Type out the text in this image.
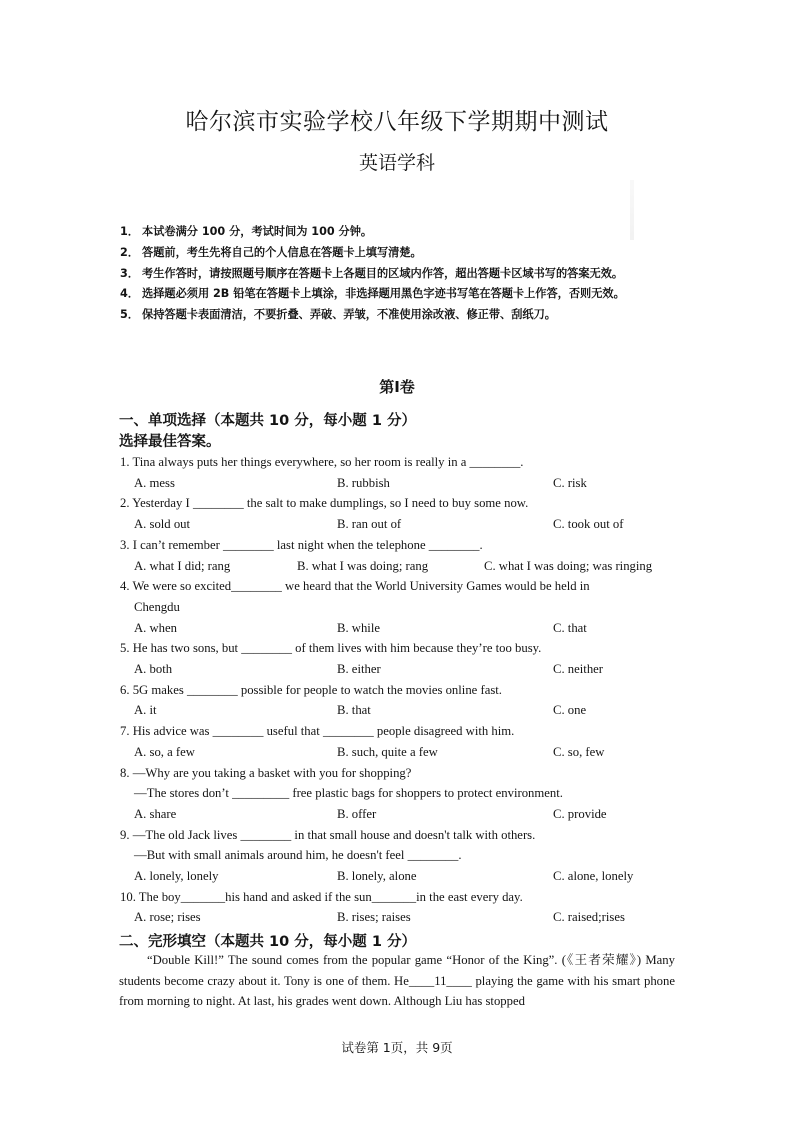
哈尔滨市实验学校八年级下学期期中测试
英语学科
1． 本试卷满分 100 分，考试时间为 100 分钟。
2． 答题前，考生先将自己的个人信息在答题卡上填写清楚。
3． 考生作答时，请按照题号顺序在答题卡上各题目的区域内作答，超出答题卡区域书写的答案无效。
4． 选择题必须用 2B 铅笔在答题卡上填涂，非选择题用黑色字迹书写笔在答题卡上作答，否则无效。
5． 保持答题卡表面清洁，不要折叠、弄破、弄皱，不准使用涂改液、修正带、刮纸刀。
第Ⅰ卷
一、单项选择（本题共 10 分，每小题 1 分）
选择最佳答案。
1. Tina always puts her things everywhere, so her room is really in a ________.
A. mess	B. rubbish	C. risk
2. Yesterday I ________ the salt to make dumplings, so I need to buy some now.
A. sold out	B. ran out of	C. took out of
3. I can’t remember ________ last night when the telephone ________.
A. what I did; rang	B. what I was doing; rang	C. what I was doing; was ringing
4. We were so excited________ we heard that the World University Games would be held in
Chengdu
A. when	B. while	C. that
5. He has two sons, but ________ of them lives with him because they’re too busy.
A. both	B. either	C. neither
6. 5G makes ________ possible for people to watch the movies online fast.
A. it	B. that	C. one
7. His advice was ________ useful that ________ people disagreed with him.
A. so, a few	B. such, quite a few	C. so, few
8. —Why are you taking a basket with you for shopping?
—The stores don’t _________ free plastic bags for shoppers to protect environment.
A. share	B. offer	C. provide
9. —The old Jack lives ________ in that small house and doesn't talk with others.
—But with small animals around him, he doesn't feel ________.
A. lonely, lonely	B. lonely, alone	C. alone, lonely
10. The boy_______his hand and asked if the sun_______in the east every day.
A. rose; rises	B. rises; raises	C. raised;rises
二、完形填空（本题共 10 分，每小题 1 分）

“Double Kill!” The sound comes from the popular game “Honor of the King”. (《王者荣耀》) Many students become crazy about it. Tony is one of them. He____11____ playing the game with his smart phone from morning to night. At last, his grades went down. Although Liu has stopped

试卷第 1页，共 9页
